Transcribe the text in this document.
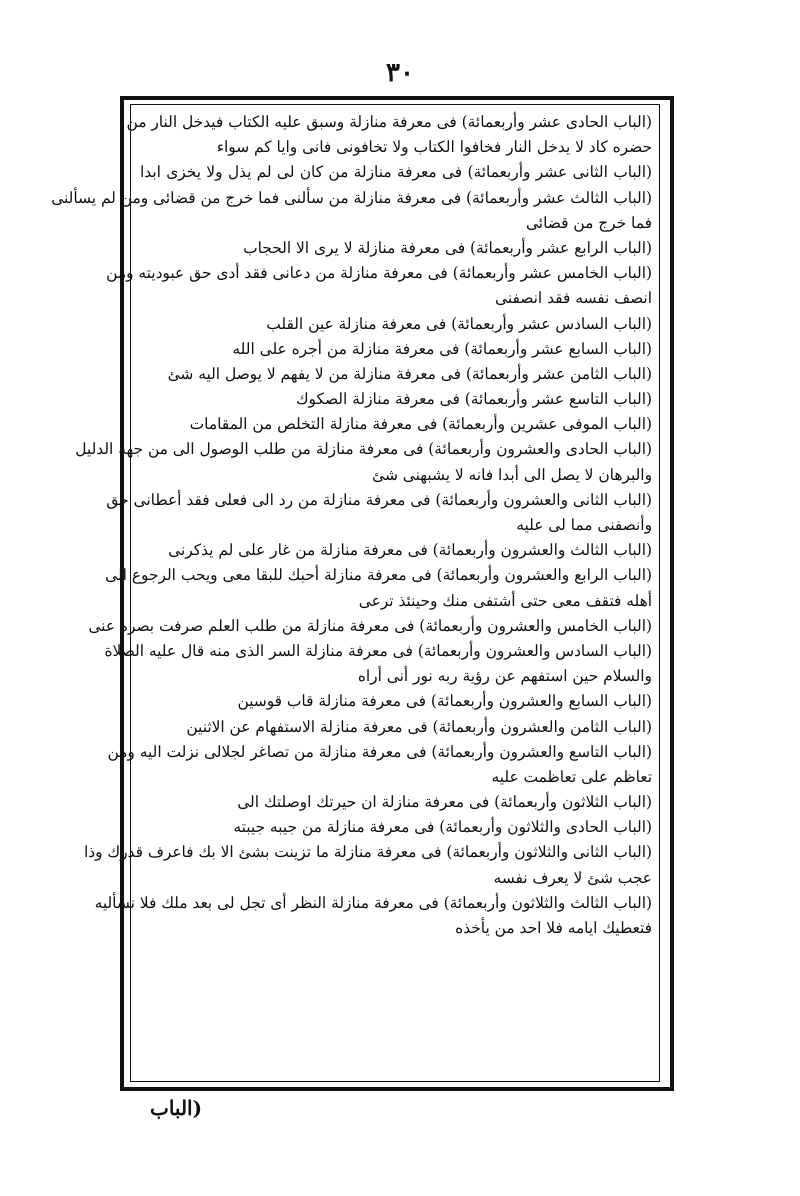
٣٠
(الباب الحادى عشر وأربعمائة) فى معرفة منازلة وسبق عليه الكتاب فيدخل النار من
حضره كاد لا يدخل النار فخافوا الكتاب ولا تخافونى فانى وايا كم سواء
(الباب الثانى عشر وأربعمائة) فى معرفة منازلة من كان لى لم يذل ولا يخزى ابدا
(الباب الثالث عشر وأربعمائة) فى معرفة منازلة من سألنى فما خرج من قضائى ومن لم يسألنى
فما خرج من قضائى
(الباب الرابع عشر وأربعمائة) فى معرفة منازلة لا يرى الا الحجاب
(الباب الخامس عشر وأربعمائة) فى معرفة منازلة من دعانى فقد أدى حق عبوديته ومن
انصف نفسه فقد انصفنى
(الباب السادس عشر وأربعمائة) فى معرفة منازلة عين القلب
(الباب السابع عشر وأربعمائة) فى معرفة منازلة من أجره على الله
(الباب الثامن عشر وأربعمائة) فى معرفة منازلة من لا يفهم لا يوصل اليه شئ
(الباب التاسع عشر وأربعمائة) فى معرفة منازلة الصكوك
(الباب الموفى عشرين وأربعمائة) فى معرفة منازلة التخلص من المقامات
(الباب الحادى والعشرون وأربعمائة) فى معرفة منازلة من طلب الوصول الى من جهة الدليل
والبرهان لا يصل الى أبدا فانه لا يشبهنى شئ
(الباب الثانى والعشرون وأربعمائة) فى معرفة منازلة من رد الى فعلى فقد أعطانى حق
وأنصفنى مما لى عليه
(الباب الثالث والعشرون وأربعمائة) فى معرفة منازلة من غار على لم يذكرنى
(الباب الرابع والعشرون وأربعمائة) فى معرفة منازلة أحبك للبقا معى ويحب الرجوع الى
أهله فتقف معى حتى أشتفى منك وحينئذ ترعى
(الباب الخامس والعشرون وأربعمائة) فى معرفة منازلة من طلب العلم صرفت بصره عنى
(الباب السادس والعشرون وأربعمائة) فى معرفة منازلة السر الذى منه قال عليه الصلاة
والسلام حين استفهم عن رؤية ربه نور أنى أراه
(الباب السابع والعشرون وأربعمائة) فى معرفة منازلة قاب قوسين
(الباب الثامن والعشرون وأربعمائة) فى معرفة منازلة الاستفهام عن الاثنين
(الباب التاسع والعشرون وأربعمائة) فى معرفة منازلة من تصاغر لجلالى نزلت اليه ومن
تعاظم على تعاظمت عليه
(الباب الثلاثون وأربعمائة) فى معرفة منازلة ان حيرتك اوصلتك الى
(الباب الحادى والثلاثون وأربعمائة) فى معرفة منازلة من جيبه جيبته
(الباب الثانى والثلاثون وأربعمائة) فى معرفة منازلة ما تزينت بشئ الا بك فاعرف قدرك وذا
عجب شئ لا يعرف نفسه
(الباب الثالث والثلاثون وأربعمائة) فى معرفة منازلة النظر أى تجل لى بعد ملك فلا نسأليه
فتعطيك ايامه فلا احد من يأخذه
(الباب
